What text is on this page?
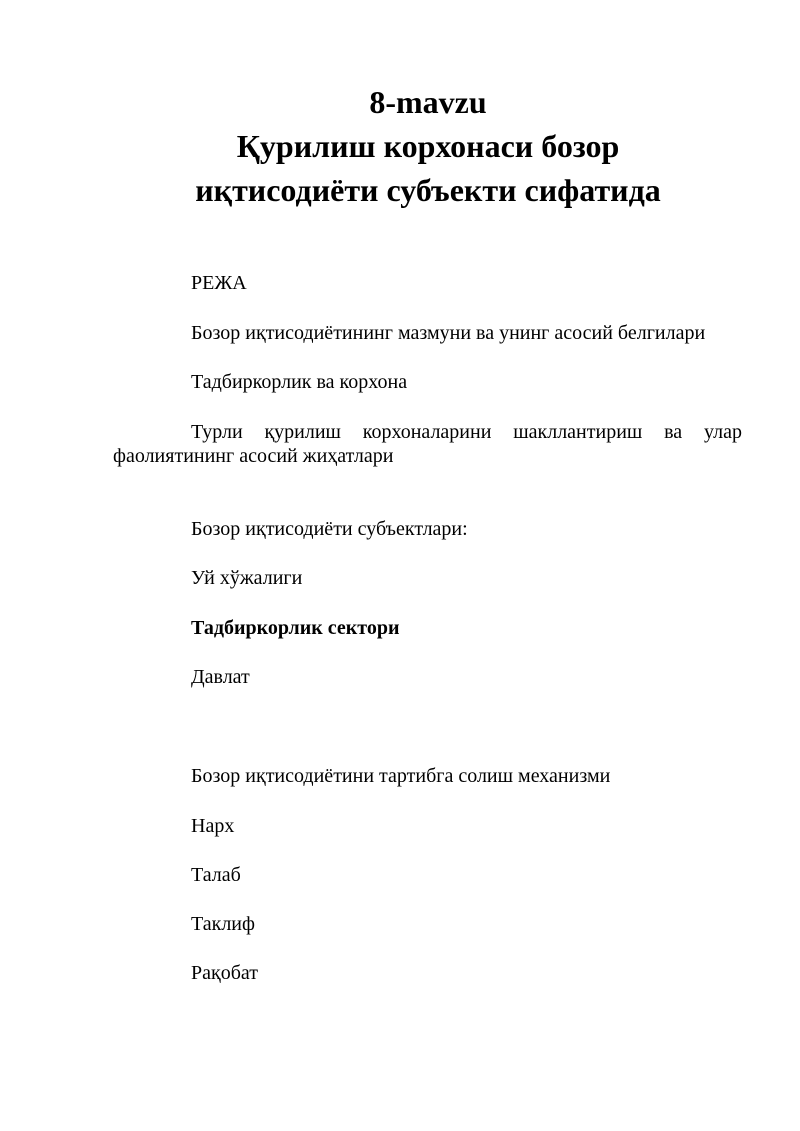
8-mavzu
Қурилиш корхонаси бозор
иқтисодиёти субъекти сифатида
РЕЖА
Бозор иқтисодиётининг мазмуни ва унинг асосий белгилари
Тадбиркорлик ва корхона
Турли қурилиш корхоналарини шакллантириш ва улар
фаолиятининг асосий жиҳатлари
Бозор иқтисодиёти субъектлари:
Уй хўжалиги
Тадбиркорлик сектори
Давлат
Бозор иқтисодиётини тартибга солиш механизми
Нарх
Талаб
Таклиф
Рақобат
